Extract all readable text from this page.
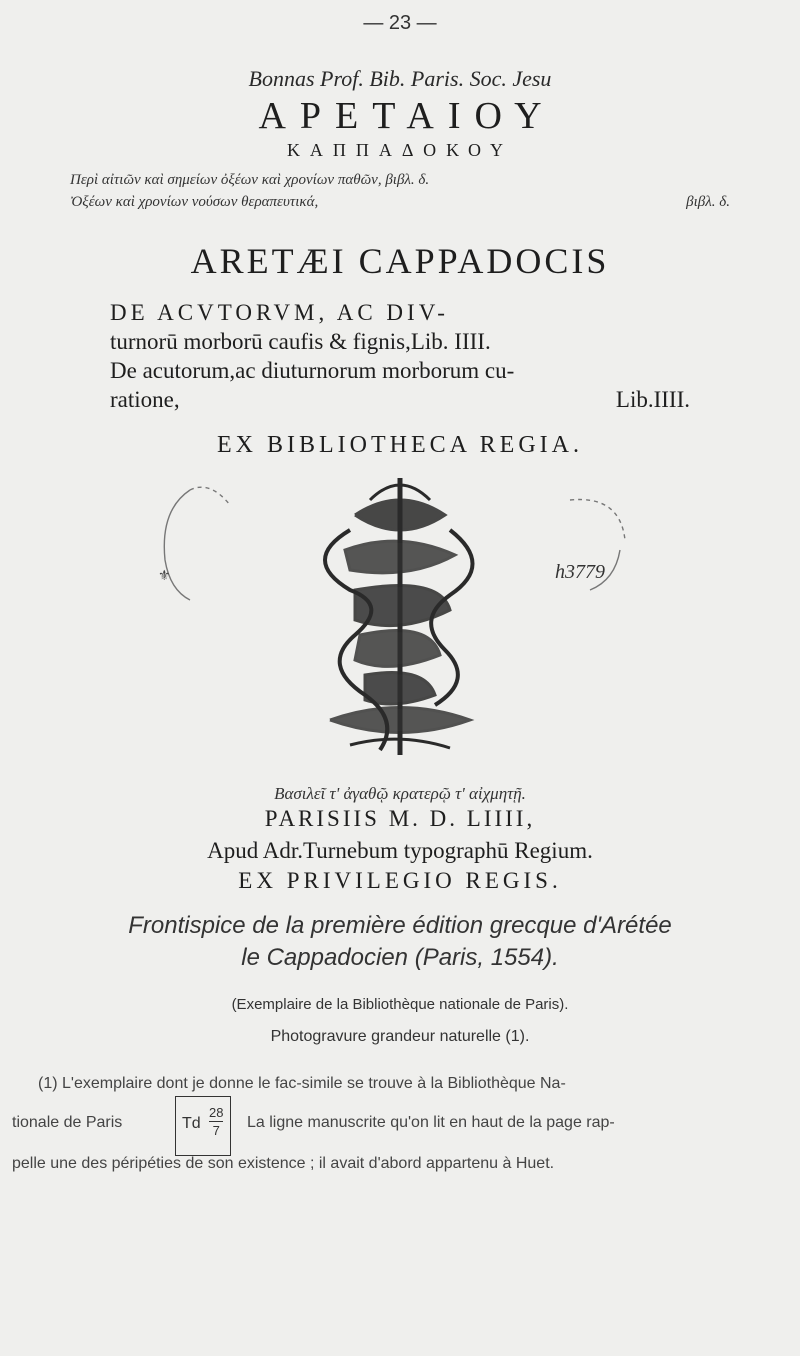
— 23 —
Bonnas Prof. Bib. Paris. Soc. Jesu
ΑΡΕΤΑΙΟΥ
ΚΑΠΠΑΔΟΚΟΥ
Περὶ αἰτιῶν καὶ σημείων ὀξέων καὶ χρονίων παθῶν, βιβλ. δ.
Ὀξέων καὶ χρονίων νούσων θεραπευτικά,	βιβλ. δ.
ARETÆI CAPPADOCIS
DE ACVTORVM, AC DIV-
turnorū morborū caufis & fignis,Lib. IIII.
De acutorum,ac diuturnorum morborum cu-
ratione,	Lib.IIII.
EX BIBLIOTHECA REGIA.
⚜	h3779
Βασιλεῖ τ' ἀγαθῷ κρατερῷ τ' αἰχμητῇ.
PARISIIS M. D. LIIII,
Apud Adr.Turnebum typographū Regium.
EX PRIVILEGIO REGIS.
Frontispice de la première édition grecque d'Arétée
le Cappadocien (Paris, 1554).
(Exemplaire de la Bibliothèque nationale de Paris).
Photogravure grandeur naturelle (1).
(1) L'exemplaire dont je donne le fac-simile se trouve à la Bibliothèque Na-
tionale de Paris	Td
28
7 La ligne manuscrite qu'on lit en haut de la page rap-
pelle une des péripéties de son existence ; il avait d'abord appartenu à Huet.
